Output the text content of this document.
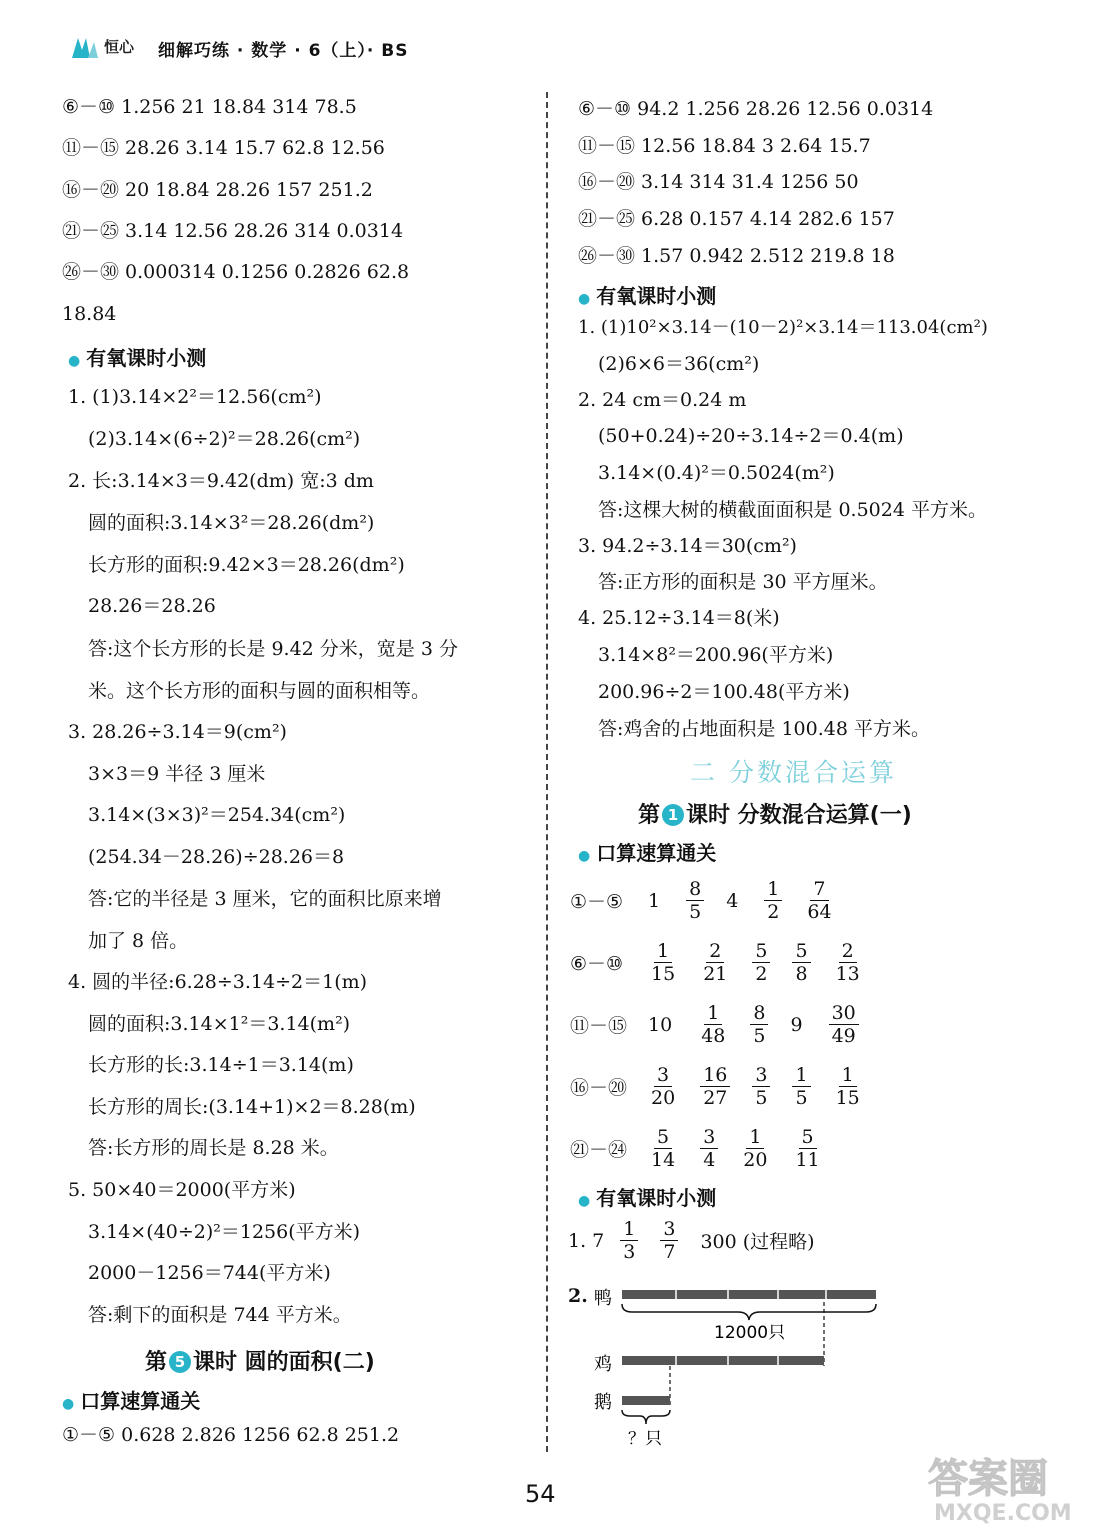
恒心 细解巧练 · 数学 · 6（上）· BS
⑥－⑩ 1.256 21 18.84 314 78.5
⑪－⑮ 28.26 3.14 15.7 62.8 12.56
⑯－⑳ 20 18.84 28.26 157 251.2
㉑－㉕ 3.14 12.56 28.26 314 0.0314
㉖－㉚ 0.000314 0.1256 0.2826 62.8
18.84
● 有氧课时小测
1. (1)3.14×2²＝12.56(cm²)
(2)3.14×(6÷2)²＝28.26(cm²)
2. 长:3.14×3＝9.42(dm) 宽:3 dm
圆的面积:3.14×3²＝28.26(dm²)
长方形的面积:9.42×3＝28.26(dm²)
28.26＝28.26
答:这个长方形的长是 9.42 分米，宽是 3 分
米。这个长方形的面积与圆的面积相等。
3. 28.26÷3.14＝9(cm²)
3×3＝9 半径 3 厘米
3.14×(3×3)²＝254.34(cm²)
(254.34－28.26)÷28.26＝8
答:它的半径是 3 厘米，它的面积比原来增
加了 8 倍。
4. 圆的半径:6.28÷3.14÷2＝1(m)
圆的面积:3.14×1²＝3.14(m²)
长方形的长:3.14÷1＝3.14(m)
长方形的周长:(3.14+1)×2＝8.28(m)
答:长方形的周长是 8.28 米。
5. 50×40＝2000(平方米)
3.14×(40÷2)²＝1256(平方米)
2000－1256＝744(平方米)
答:剩下的面积是 744 平方米。
第 5 课时 圆的面积(二)
● 口算速算通关
①－⑤ 0.628 2.826 1256 62.8 251.2
⑥－⑩ 94.2 1.256 28.26 12.56 0.0314
⑪－⑮ 12.56 18.84 3 2.64 15.7
⑯－⑳ 3.14 314 31.4 1256 50
㉑－㉕ 6.28 0.157 4.14 282.6 157
㉖－㉚ 1.57 0.942 2.512 219.8 18
● 有氧课时小测
1. (1)10²×3.14－(10－2)²×3.14＝113.04(cm²)
(2)6×6＝36(cm²)
2. 24 cm＝0.24 m
(50+0.24)÷20÷3.14÷2＝0.4(m)
3.14×(0.4)²＝0.5024(m²)
答:这棵大树的横截面面积是 0.5024 平方米。
3. 94.2÷3.14＝30(cm²)
答:正方形的面积是 30 平方厘米。
4. 25.12÷3.14＝8(米)
3.14×8²＝200.96(平方米)
200.96÷2＝100.48(平方米)
答:鸡舍的占地面积是 100.48 平方米。
二 分数混合运算
第 1 课时 分数混合运算(一)
● 口算速算通关
①－⑤	$1 \frac{8}{5} 4 \frac{1}{2} \frac{7}{64}$
⑥－⑩	$\frac{1}{15} \frac{2}{21} \frac{5}{2} \frac{5}{8} \frac{2}{13}$
⑪－⑮	$10 \frac{1}{48} \frac{8}{5} 9 \frac{30}{49}$
⑯－⑳	$\frac{3}{20} \frac{16}{27} \frac{3}{5} \frac{1}{5} \frac{1}{15}$
㉑－㉔	$\frac{5}{14} \frac{3}{4} \frac{1}{20} \frac{5}{11}$
● 有氧课时小测
1. $7 \frac{1}{3} \frac{3}{7} 300$ (过程略)
2. 鸭
12000只
鸡
鹅
？只
54	答案圈
MXQE.COM
